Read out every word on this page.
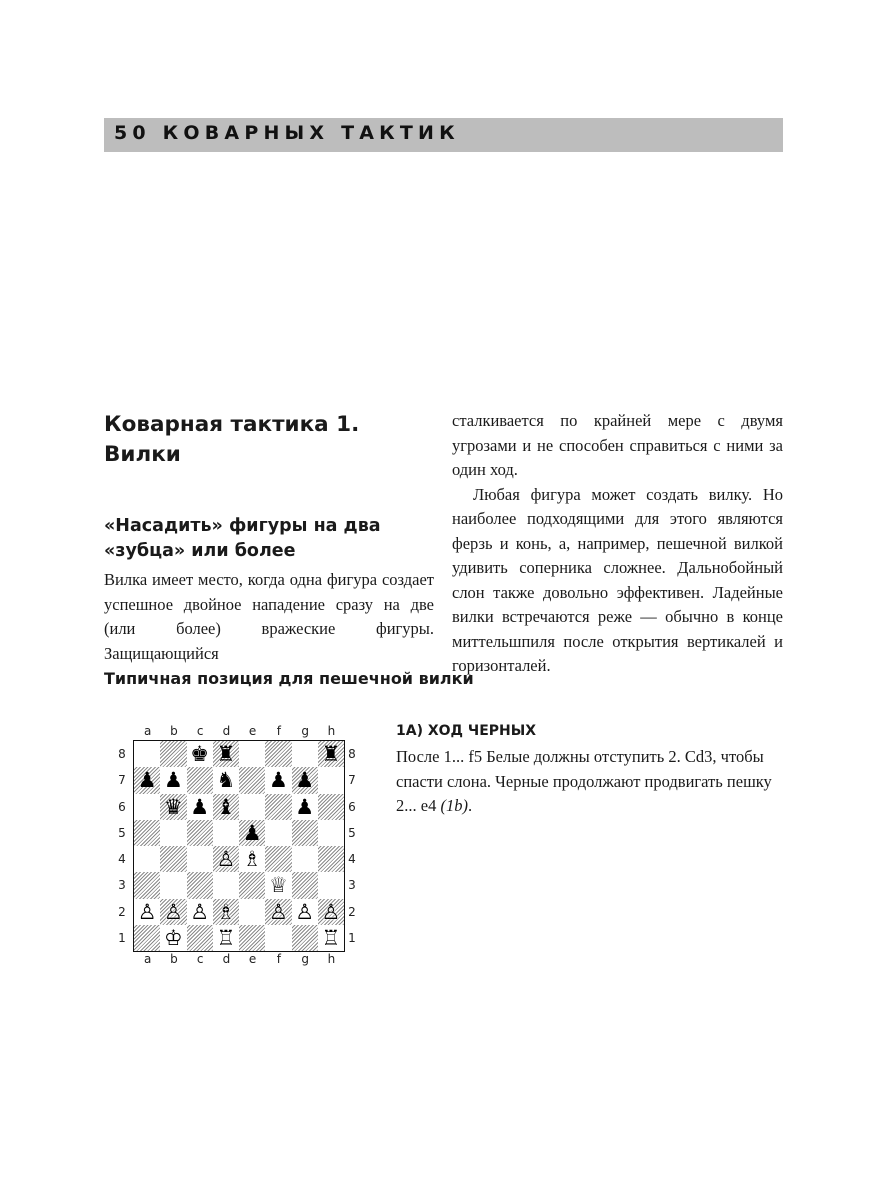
50 КОВАРНЫХ ТАКТИК
Коварная тактика 1.
Вилки
«Насадить» фигуры на два
«зубца» или более

Вилка имеет место, когда одна фигура создает успешное двойное нападение сразу на две (или более) вражеские фигуры. Защищающийся

сталкивается по крайней мере с двумя угрозами и не способен справиться с ними за один ход.

Любая фигура может создать вилку. Но наиболее подходящими для этого являются ферзь и конь, а, например, пешечной вилкой удивить соперника сложнее. Дальнобойный слон также довольно эффективен. Ладейные вилки встречаются реже — обычно в конце миттельшпиля после открытия вертикалей и горизонталей.

Типичная позиция для пешечной вилки
♚ ♜	♜
♟ ♟ ♞ ♟ ♟
♛ ♟ ♝	♟
♟
♙ ♗
♕
♙ ♙ ♙ ♗ ♙ ♙ ♙
♔ ♖	♖
a
a
b
b
c
c
d
d
e
e
f
f
g
g
h
h
8	8
7	7
6	6
5	5
4	4
3	3
2	2
1	1
1A) ХОД ЧЕРНЫХ
После 1... f5 Белые должны отступить 2. Cd3, чтобы спасти слона. Черные продолжают продвигать пешку 2... e4 (1b).
